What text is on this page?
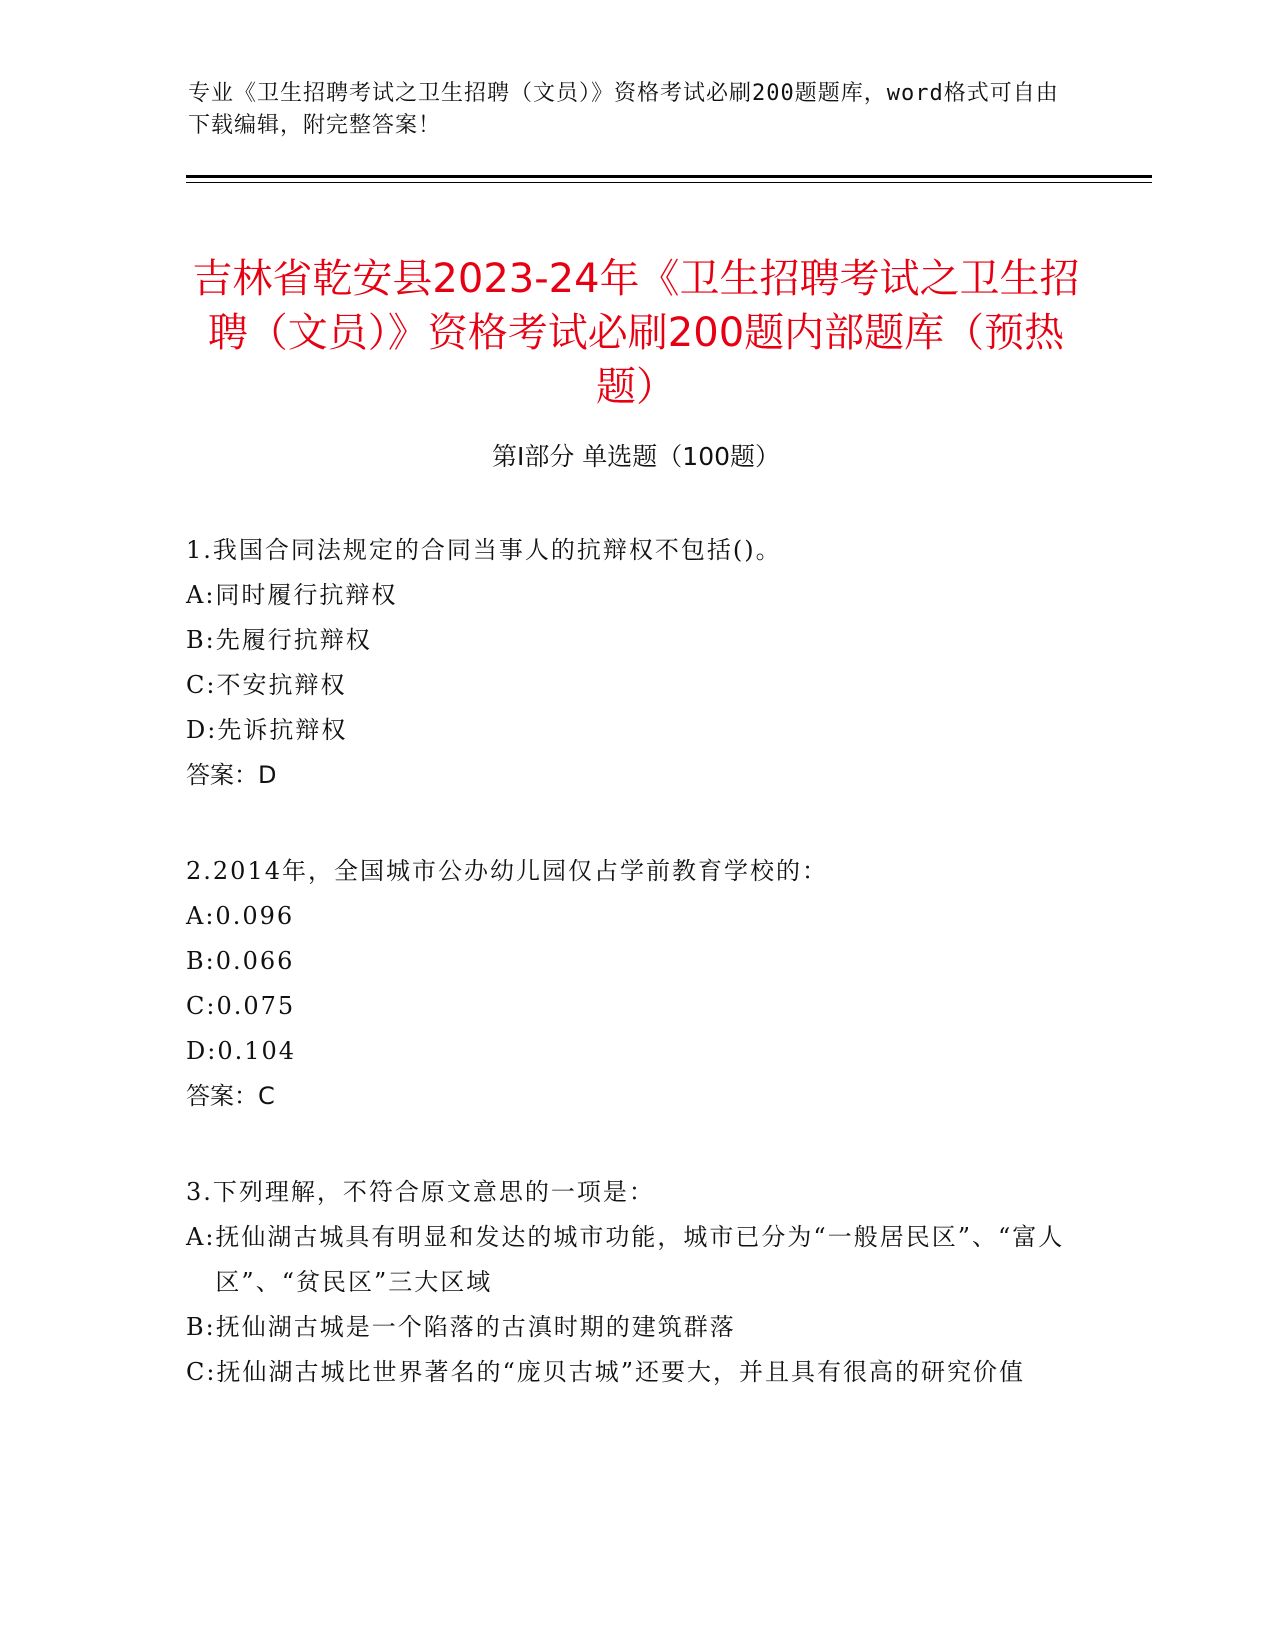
专业《卫生招聘考试之卫生招聘（文员）》资格考试必刷200题题库，word格式可自由下载编辑，附完整答案！
吉林省乾安县2023-24年《卫生招聘考试之卫生招聘（文员）》资格考试必刷200题内部题库（预热题）
第I部分 单选题（100题）
1.我国合同法规定的合同当事人的抗辩权不包括()。
A: 同时履行抗辩权
B: 先履行抗辩权
C: 不安抗辩权
D: 先诉抗辩权
答案：D
2.2014年，全国城市公办幼儿园仅占学前教育学校的：
A: 0.096
B: 0.066
C: 0.075
D: 0.104
答案：C
3.下列理解，不符合原文意思的一项是：
A: 抚仙湖古城具有明显和发达的城市功能，城市已分为“一般居民区”、“富人区”、“贫民区”三大区域
B: 抚仙湖古城是一个陷落的古滇时期的建筑群落
C: 抚仙湖古城比世界著名的“庞贝古城”还要大，并且具有很高的研究价值
